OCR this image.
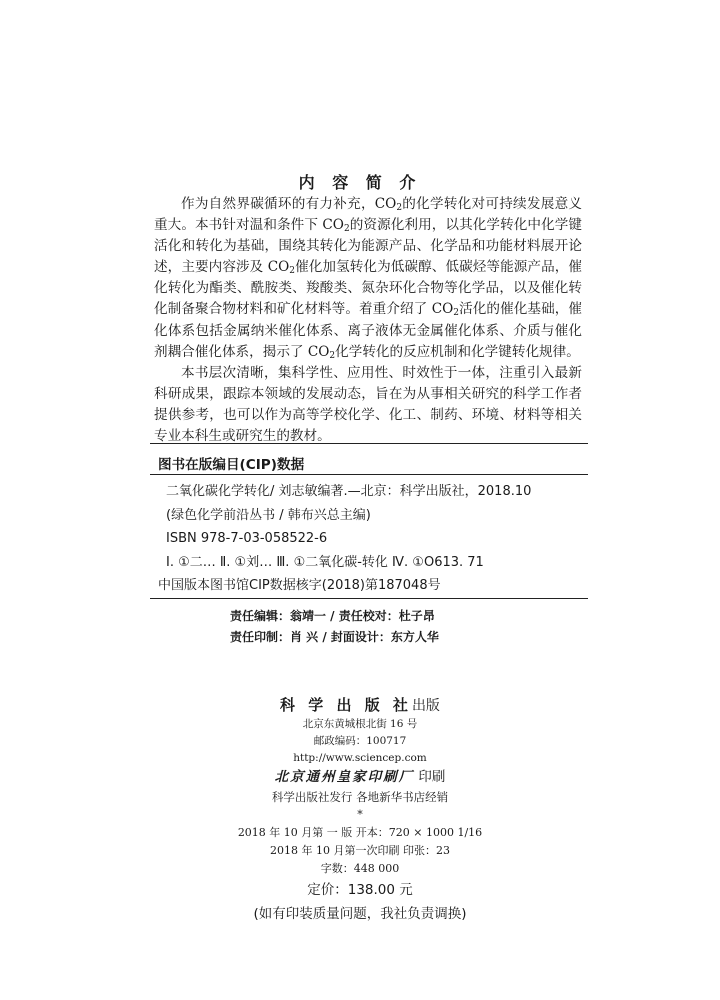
内 容 简 介

作为自然界碳循环的有力补充，$CO_2$的化学转化对可持续发展意义重大。本书针对温和条件下 $CO_2$的资源化利用，以其化学转化中化学键活化和转化为基础，围绕其转化为能源产品、化学品和功能材料展开论述，主要内容涉及 $CO_2$催化加氢转化为低碳醇、低碳烃等能源产品，催化转化为酯类、酰胺类、羧酸类、氮杂环化合物等化学品，以及催化转化制备聚合物材料和矿化材料等。着重介绍了 $CO_2$活化的催化基础，催化体系包括金属纳米催化体系、离子液体无金属催化体系、介质与催化剂耦合催化体系，揭示了 $CO_2$化学转化的反应机制和化学键转化规律。

本书层次清晰，集科学性、应用性、时效性于一体，注重引入最新科研成果，跟踪本领域的发展动态，旨在为从事相关研究的科学工作者提供参考，也可以作为高等学校化学、化工、制药、环境、材料等相关专业本科生或研究生的教材。

图书在版编目(CIP)数据
二氧化碳化学转化/ 刘志敏编著.—北京：科学出版社，2018.10
(绿色化学前沿丛书 / 韩布兴总主编)
ISBN 978-7-03-058522-6
Ⅰ. ①二… Ⅱ. ①刘… Ⅲ. ①二氧化碳-转化 Ⅳ. ①O613. 71
中国版本图书馆CIP数据核字(2018)第187048号
责任编辑：翁靖一 / 责任校对：杜子昂
责任印制：肖 兴 / 封面设计：东方人华
科 学 出 版 社出版
北京东黄城根北街 16 号
邮政编码：100717
http://www.sciencep.com
北京通州皇家印刷厂 印刷
科学出版社发行 各地新华书店经销
*
2018 年 10 月第 一 版 开本：720 × 1000 1/16
2018 年 10 月第一次印刷 印张：23
字数：448 000
定价：138.00 元
(如有印装质量问题，我社负责调换)
